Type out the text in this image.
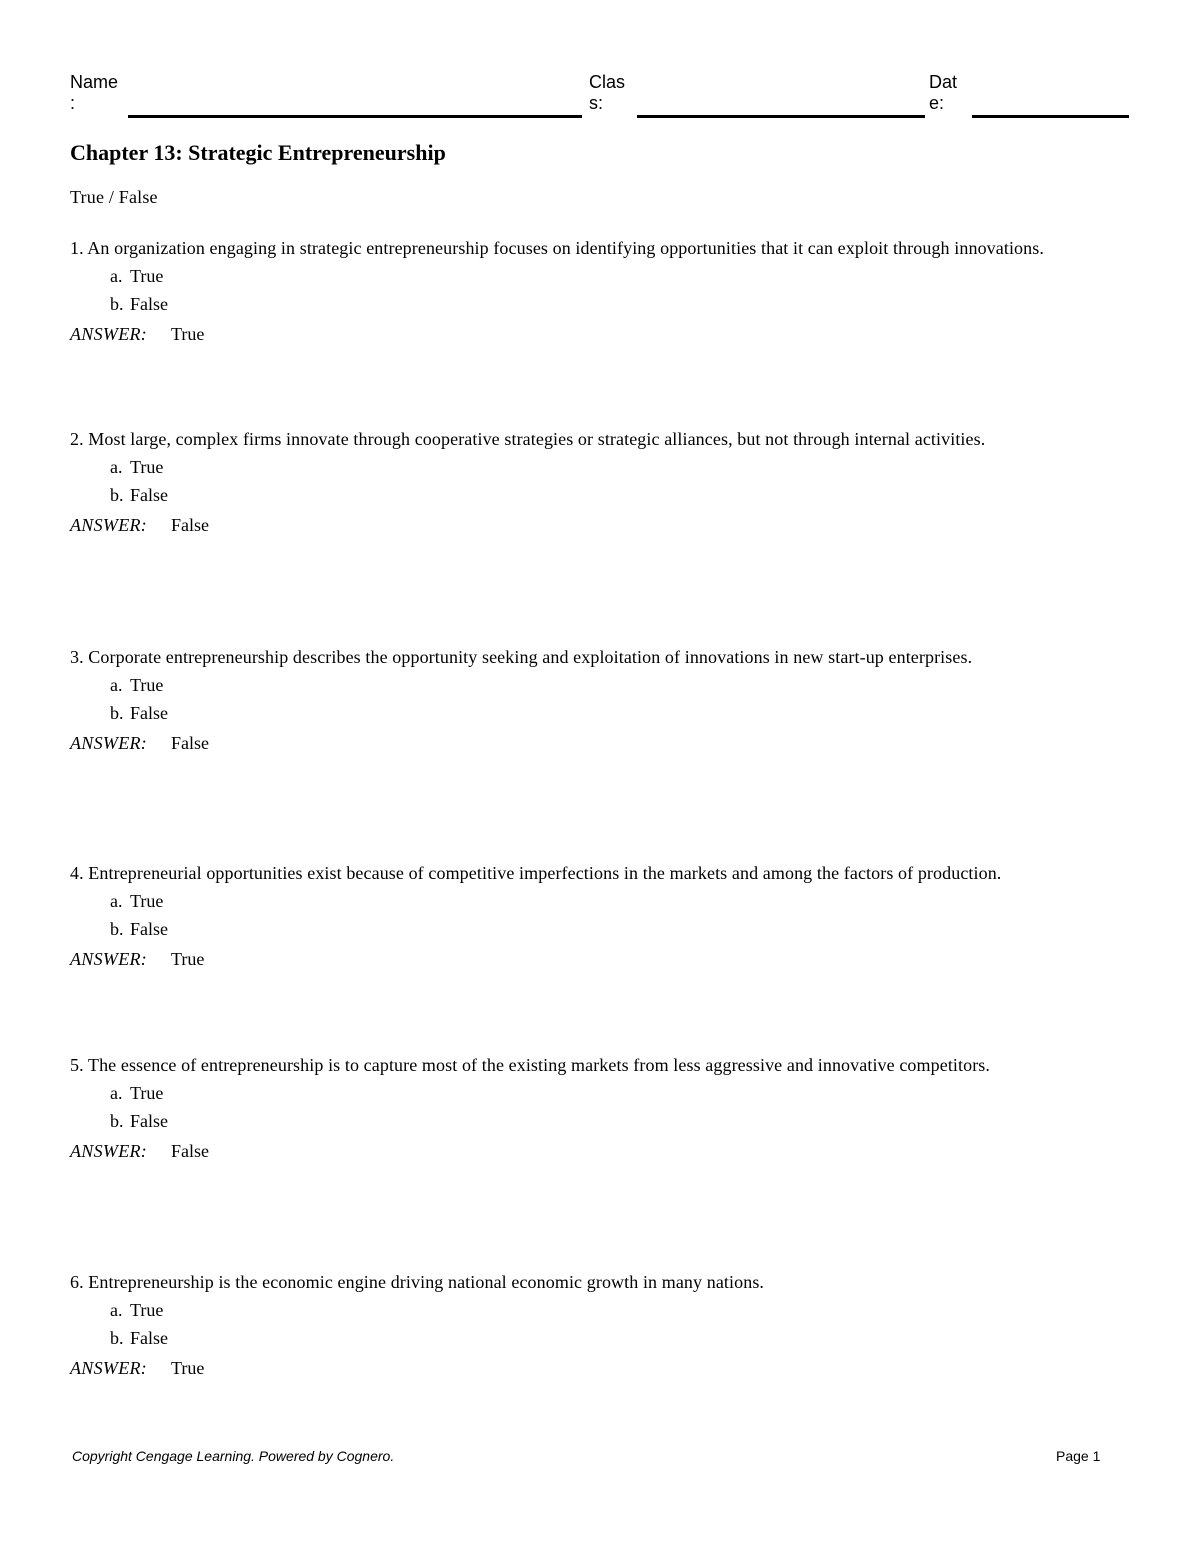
Name
:
Clas
s:
Dat
e:
Chapter 13: Strategic Entrepreneurship
True / False
1. An organization engaging in strategic entrepreneurship focuses on identifying opportunities that it can exploit through innovations.
a. True
b. False
ANSWER: True
2. Most large, complex firms innovate through cooperative strategies or strategic alliances, but not through internal activities.
a. True
b. False
ANSWER: False
3. Corporate entrepreneurship describes the opportunity seeking and exploitation of innovations in new start-up enterprises.
a. True
b. False
ANSWER: False
4. Entrepreneurial opportunities exist because of competitive imperfections in the markets and among the factors of production.
a. True
b. False
ANSWER: True
5. The essence of entrepreneurship is to capture most of the existing markets from less aggressive and innovative competitors.
a. True
b. False
ANSWER: False
6. Entrepreneurship is the economic engine driving national economic growth in many nations.
a. True
b. False
ANSWER: True
Copyright Cengage Learning. Powered by Cognero.	Page 1
